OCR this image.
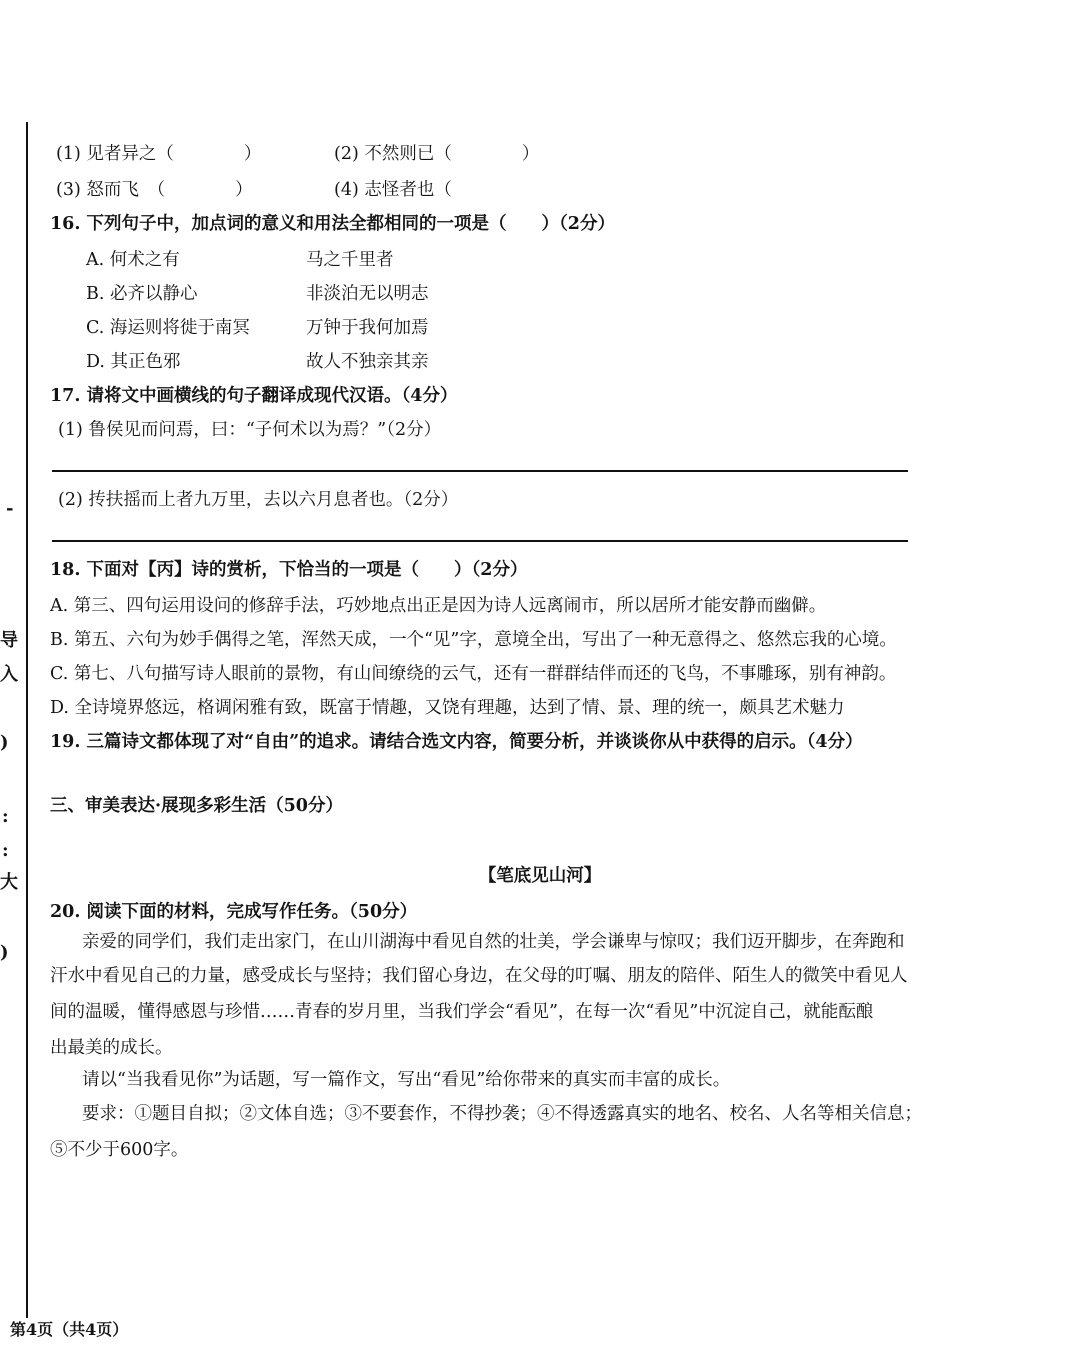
-
导
入
)
:
:
大
)
(1) 见者异之（　　　　）	(2) 不然则已（　　　　）
(3) 怒而飞　（　　　　）	(4) 志怪者也（
16. 下列句子中，加点词的意义和用法全都相同的一项是（　　）（2分）
A. 何术之有	马之千里者
B. 必齐以静心	非淡泊无以明志
C. 海运则将徙于南冥	万钟于我何加焉
D. 其正色邪	故人不独亲其亲
17. 请将文中画横线的句子翻译成现代汉语。（4分）
(1) 鲁侯见而问焉，曰：“子何术以为焉？”（2分）
(2) 抟扶摇而上者九万里，去以六月息者也。（2分）
18. 下面对【丙】诗的赏析，下恰当的一项是（　　）（2分）
A. 第三、四句运用设问的修辞手法，巧妙地点出正是因为诗人远离闹市，所以居所才能安静而幽僻。
B. 第五、六句为妙手偶得之笔，浑然天成，一个“见”字，意境全出，写出了一种无意得之、悠然忘我的心境。
C. 第七、八句描写诗人眼前的景物，有山间缭绕的云气，还有一群群结伴而还的飞鸟，不事雕琢，别有神韵。
D. 全诗境界悠远，格调闲雅有致，既富于情趣，又饶有理趣，达到了情、景、理的统一，颇具艺术魅力
19. 三篇诗文都体现了对“自由”的追求。请结合选文内容，简要分析，并谈谈你从中获得的启示。（4分）
三、审美表达·展现多彩生活（50分）
【笔底见山河】
20. 阅读下面的材料，完成写作任务。（50分）
亲爱的同学们，我们走出家门，在山川湖海中看见自然的壮美，学会谦卑与惊叹；我们迈开脚步，在奔跑和
汗水中看见自己的力量，感受成长与坚持；我们留心身边，在父母的叮嘱、朋友的陪伴、陌生人的微笑中看见人
间的温暖，懂得感恩与珍惜……青春的岁月里，当我们学会“看见”，在每一次“看见”中沉淀自己，就能酝酿
出最美的成长。
请以“当我看见你”为话题，写一篇作文，写出“看见”给你带来的真实而丰富的成长。
要求：①题目自拟；②文体自选；③不要套作，不得抄袭；④不得透露真实的地名、校名、人名等相关信息；
⑤不少于600字。
第4页（共4页）
